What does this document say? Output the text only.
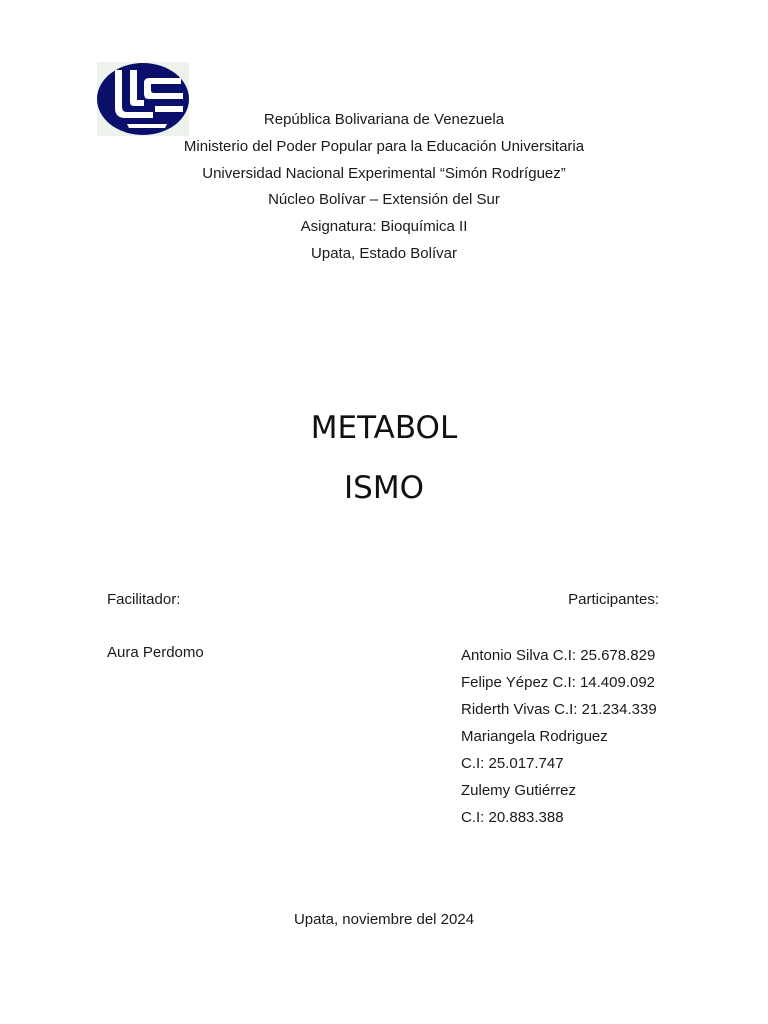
República Bolivariana de Venezuela
Ministerio del Poder Popular para la Educación Universitaria
Universidad Nacional Experimental “Simón Rodríguez”
Núcleo Bolívar – Extensión del Sur
Asignatura: Bioquímica II
Upata, Estado Bolívar
METABOL
ISMO
Facilitador:
Aura Perdomo
Participantes:
Antonio Silva C.I: 25.678.829
Felipe Yépez C.I: 14.409.092
Riderth Vivas C.I: 21.234.339
Mariangela Rodriguez
C.I: 25.017.747
Zulemy Gutiérrez
C.I: 20.883.388
Upata, noviembre del 2024
